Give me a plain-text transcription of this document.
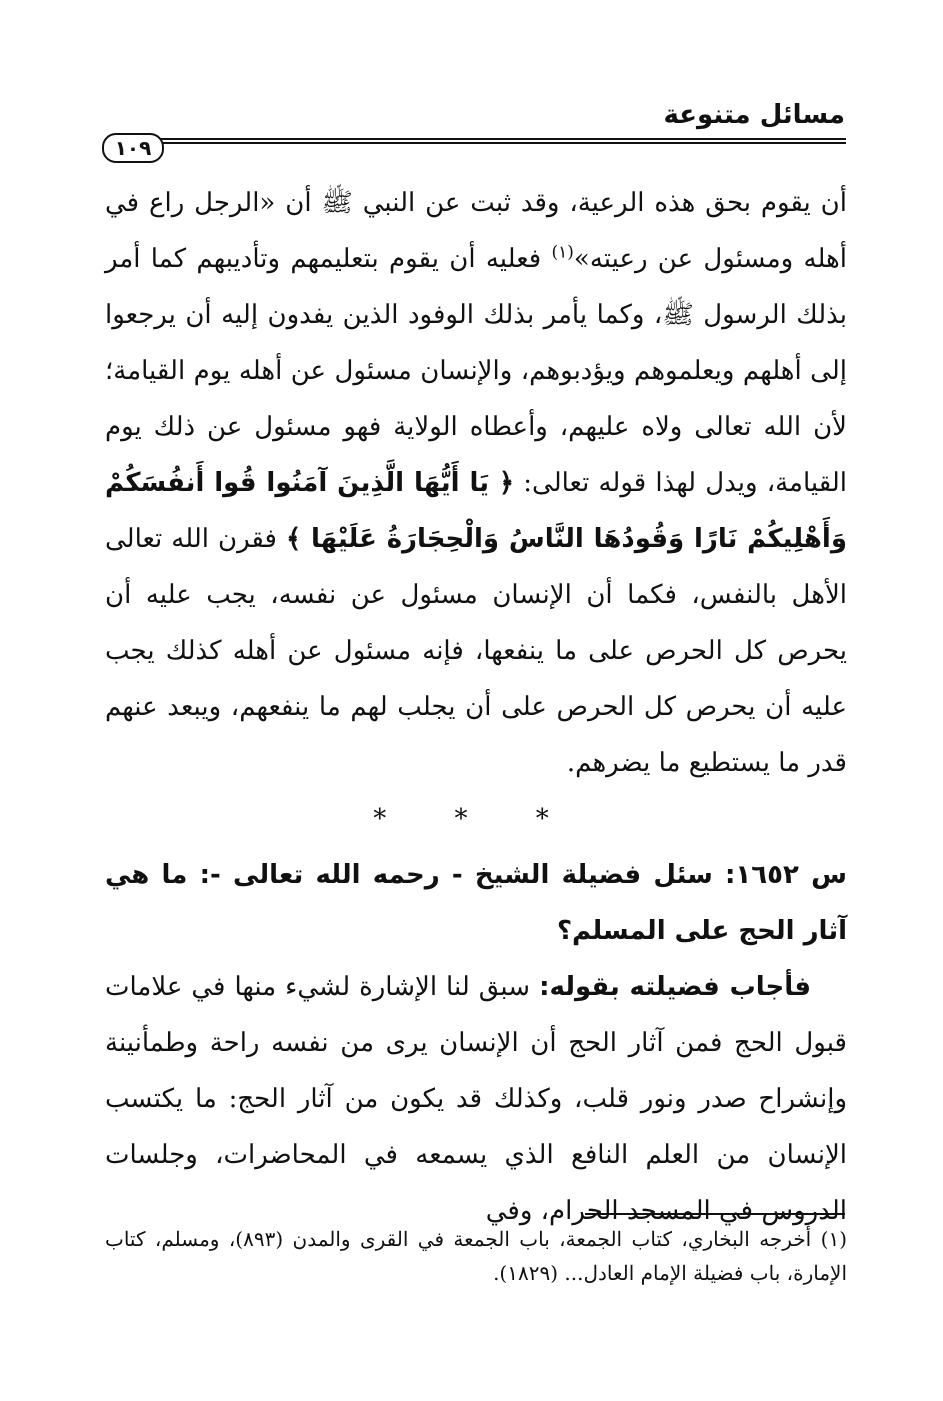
مسائل متنوعة
١٠٩

أن يقوم بحق هذه الرعية، وقد ثبت عن النبي ﷺ أن «الرجل راع في أهله ومسئول عن رعيته»$^{(١)}$ فعليه أن يقوم بتعليمهم وتأديبهم كما أمر بذلك الرسول ﷺ، وكما يأمر بذلك الوفود الذين يفدون إليه أن يرجعوا إلى أهلهم ويعلموهم ويؤدبوهم، والإنسان مسئول عن أهله يوم القيامة؛ لأن الله تعالى ولاه عليهم، وأعطاه الولاية فهو مسئول عن ذلك يوم القيامة، ويدل لهذا قوله تعالى: ﴿ يَا أَيُّهَا الَّذِينَ آمَنُوا قُوا أَنفُسَكُمْ وَأَهْلِيكُمْ نَارًا وَقُودُهَا النَّاسُ وَالْحِجَارَةُ عَلَيْهَا ﴾ فقرن الله تعالى الأهل بالنفس، فكما أن الإنسان مسئول عن نفسه، يجب عليه أن يحرص كل الحرص على ما ينفعها، فإنه مسئول عن أهله كذلك يجب عليه أن يحرص كل الحرص على أن يجلب لهم ما ينفعهم، ويبعد عنهم قدر ما يستطيع ما يضرهم.

* * *

س ١٦٥٢: سئل فضيلة الشيخ - رحمه الله تعالى -: ما هي آثار الحج على المسلم؟

فأجاب فضيلته بقوله: سبق لنا الإشارة لشيء منها في علامات قبول الحج فمن آثار الحج أن الإنسان يرى من نفسه راحة وطمأنينة وإنشراح صدر ونور قلب، وكذلك قد يكون من آثار الحج: ما يكتسب الإنسان من العلم النافع الذي يسمعه في المحاضرات، وجلسات الدروس في المسجد الحرام، وفي

(١) أخرجه البخاري، كتاب الجمعة، باب الجمعة في القرى والمدن (٨٩٣)، ومسلم، كتاب الإمارة، باب فضيلة الإمام العادل... (١٨٢٩).
